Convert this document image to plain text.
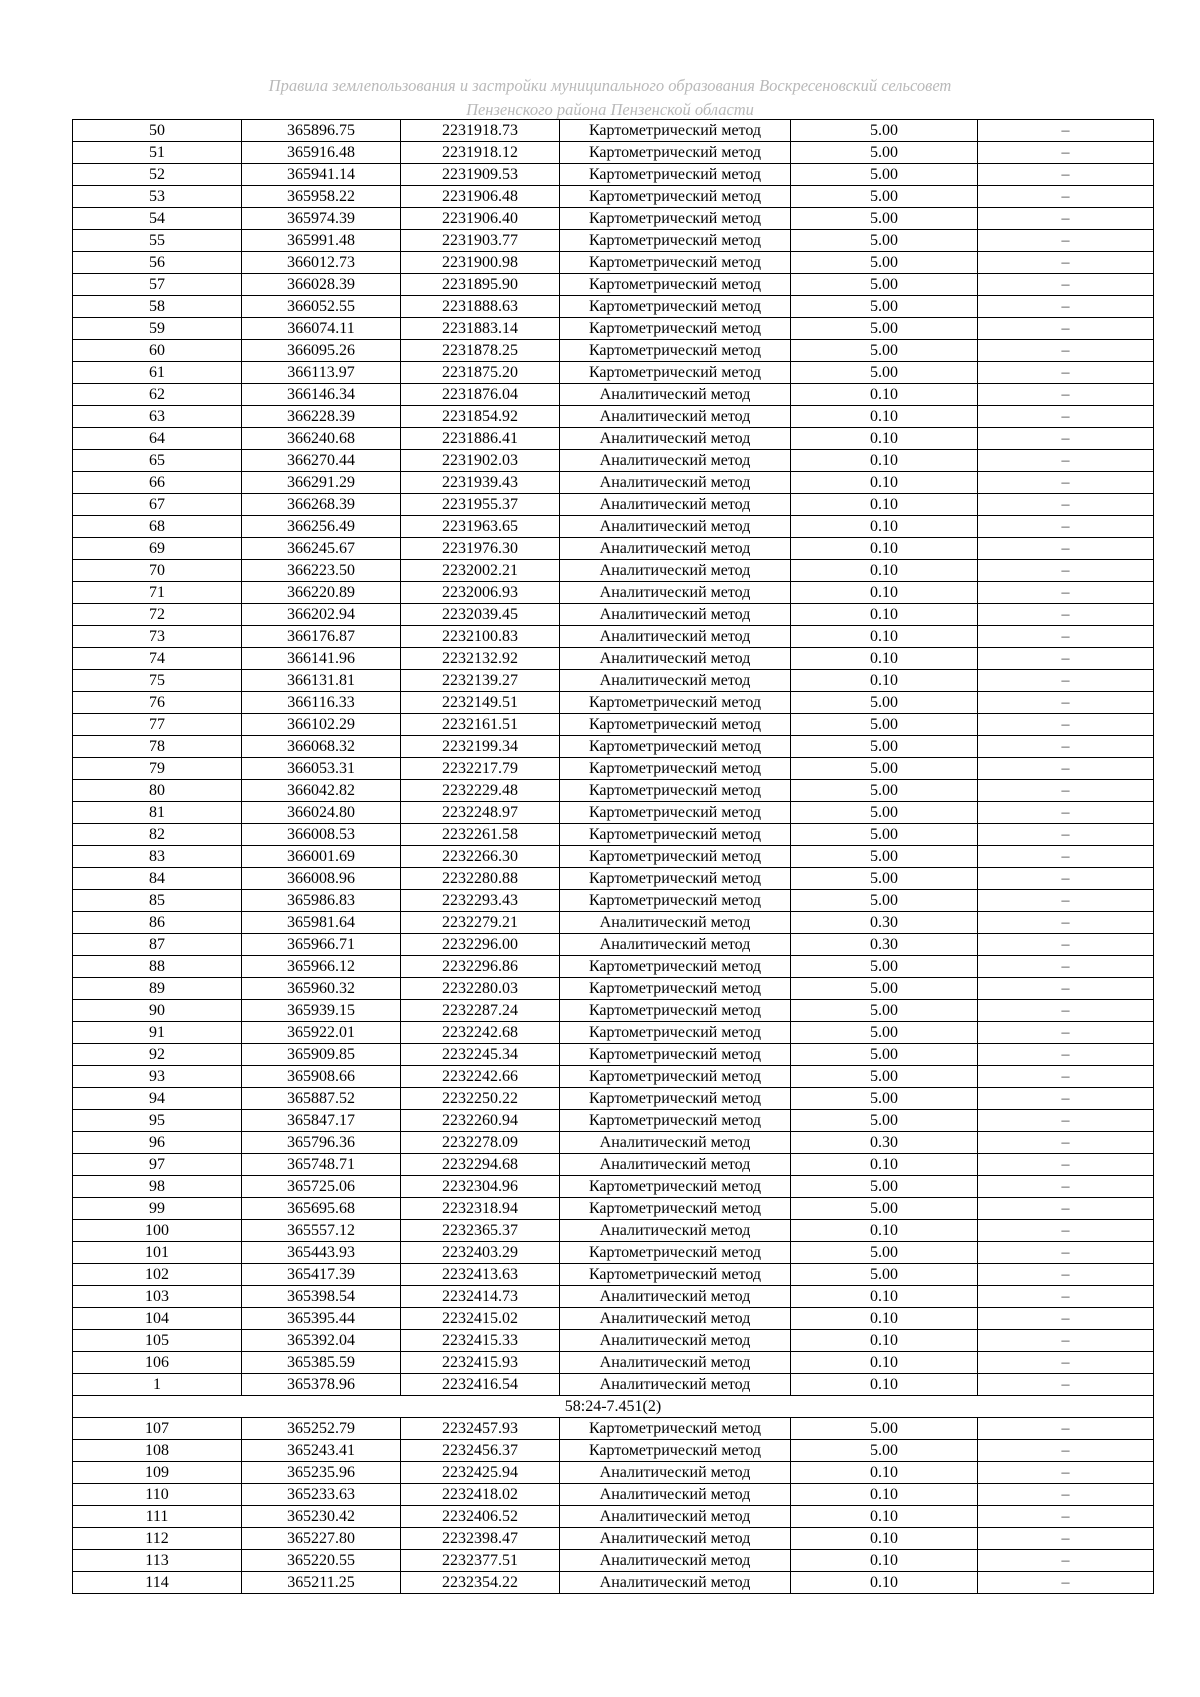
Правила землепользования и застройки муниципального образования Воскресеновский сельсовет
Пензенского района Пензенской области
50	365896.75	2231918.73	Картометрический метод	5.00	–
51	365916.48	2231918.12	Картометрический метод	5.00	–
52	365941.14	2231909.53	Картометрический метод	5.00	–
53	365958.22	2231906.48	Картометрический метод	5.00	–
54	365974.39	2231906.40	Картометрический метод	5.00	–
55	365991.48	2231903.77	Картометрический метод	5.00	–
56	366012.73	2231900.98	Картометрический метод	5.00	–
57	366028.39	2231895.90	Картометрический метод	5.00	–
58	366052.55	2231888.63	Картометрический метод	5.00	–
59	366074.11	2231883.14	Картометрический метод	5.00	–
60	366095.26	2231878.25	Картометрический метод	5.00	–
61	366113.97	2231875.20	Картометрический метод	5.00	–
62	366146.34	2231876.04	Аналитический метод	0.10	–
63	366228.39	2231854.92	Аналитический метод	0.10	–
64	366240.68	2231886.41	Аналитический метод	0.10	–
65	366270.44	2231902.03	Аналитический метод	0.10	–
66	366291.29	2231939.43	Аналитический метод	0.10	–
67	366268.39	2231955.37	Аналитический метод	0.10	–
68	366256.49	2231963.65	Аналитический метод	0.10	–
69	366245.67	2231976.30	Аналитический метод	0.10	–
70	366223.50	2232002.21	Аналитический метод	0.10	–
71	366220.89	2232006.93	Аналитический метод	0.10	–
72	366202.94	2232039.45	Аналитический метод	0.10	–
73	366176.87	2232100.83	Аналитический метод	0.10	–
74	366141.96	2232132.92	Аналитический метод	0.10	–
75	366131.81	2232139.27	Аналитический метод	0.10	–
76	366116.33	2232149.51	Картометрический метод	5.00	–
77	366102.29	2232161.51	Картометрический метод	5.00	–
78	366068.32	2232199.34	Картометрический метод	5.00	–
79	366053.31	2232217.79	Картометрический метод	5.00	–
80	366042.82	2232229.48	Картометрический метод	5.00	–
81	366024.80	2232248.97	Картометрический метод	5.00	–
82	366008.53	2232261.58	Картометрический метод	5.00	–
83	366001.69	2232266.30	Картометрический метод	5.00	–
84	366008.96	2232280.88	Картометрический метод	5.00	–
85	365986.83	2232293.43	Картометрический метод	5.00	–
86	365981.64	2232279.21	Аналитический метод	0.30	–
87	365966.71	2232296.00	Аналитический метод	0.30	–
88	365966.12	2232296.86	Картометрический метод	5.00	–
89	365960.32	2232280.03	Картометрический метод	5.00	–
90	365939.15	2232287.24	Картометрический метод	5.00	–
91	365922.01	2232242.68	Картометрический метод	5.00	–
92	365909.85	2232245.34	Картометрический метод	5.00	–
93	365908.66	2232242.66	Картометрический метод	5.00	–
94	365887.52	2232250.22	Картометрический метод	5.00	–
95	365847.17	2232260.94	Картометрический метод	5.00	–
96	365796.36	2232278.09	Аналитический метод	0.30	–
97	365748.71	2232294.68	Аналитический метод	0.10	–
98	365725.06	2232304.96	Картометрический метод	5.00	–
99	365695.68	2232318.94	Картометрический метод	5.00	–
100	365557.12	2232365.37	Аналитический метод	0.10	–
101	365443.93	2232403.29	Картометрический метод	5.00	–
102	365417.39	2232413.63	Картометрический метод	5.00	–
103	365398.54	2232414.73	Аналитический метод	0.10	–
104	365395.44	2232415.02	Аналитический метод	0.10	–
105	365392.04	2232415.33	Аналитический метод	0.10	–
106	365385.59	2232415.93	Аналитический метод	0.10	–
1	365378.96	2232416.54	Аналитический метод	0.10	–
58:24-7.451(2)					
107	365252.79	2232457.93	Картометрический метод	5.00	–
108	365243.41	2232456.37	Картометрический метод	5.00	–
109	365235.96	2232425.94	Аналитический метод	0.10	–
110	365233.63	2232418.02	Аналитический метод	0.10	–
111	365230.42	2232406.52	Аналитический метод	0.10	–
112	365227.80	2232398.47	Аналитический метод	0.10	–
113	365220.55	2232377.51	Аналитический метод	0.10	–
114	365211.25	2232354.22	Аналитический метод	0.10	–
